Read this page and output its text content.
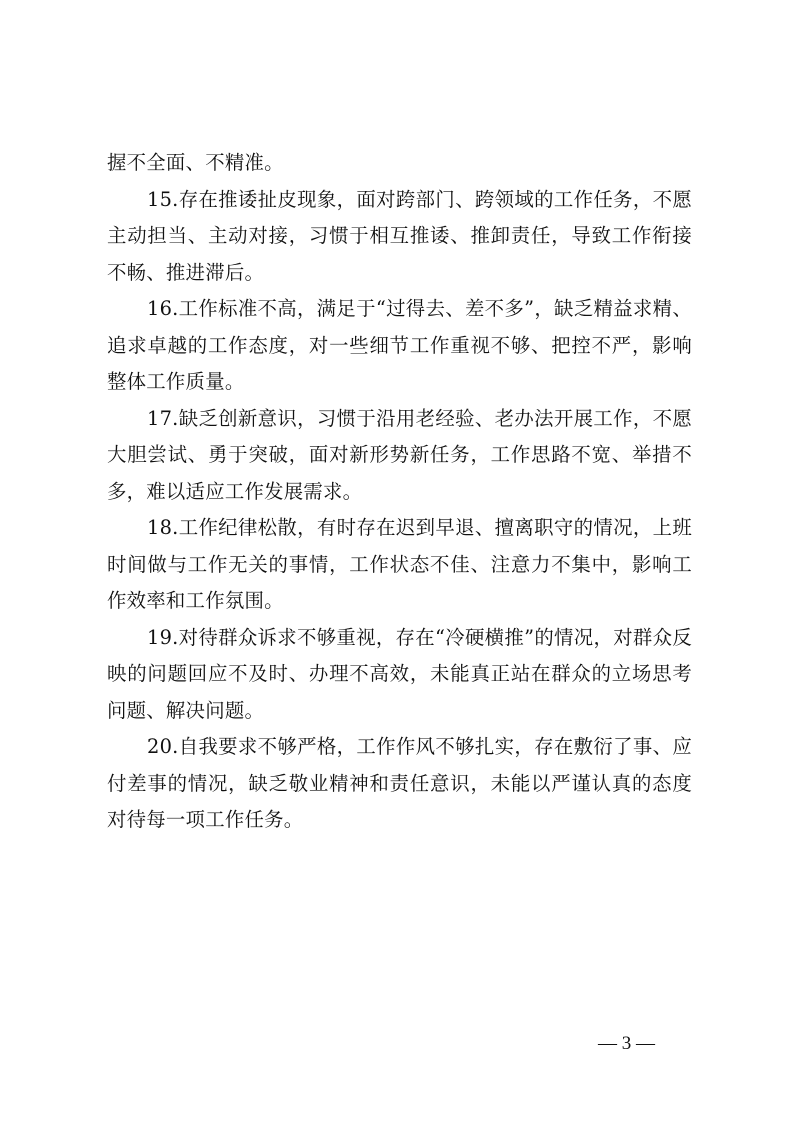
握不全面、不精准。

15.存在推诿扯皮现象，面对跨部门、跨领域的工作任务，不愿主动担当、主动对接，习惯于相互推诿、推卸责任，导致工作衔接不畅、推进滞后。

16.工作标准不高，满足于“过得去、差不多”，缺乏精益求精、追求卓越的工作态度，对一些细节工作重视不够、把控不严，影响整体工作质量。

17.缺乏创新意识，习惯于沿用老经验、老办法开展工作，不愿大胆尝试、勇于突破，面对新形势新任务，工作思路不宽、举措不多，难以适应工作发展需求。

18.工作纪律松散，有时存在迟到早退、擅离职守的情况，上班时间做与工作无关的事情，工作状态不佳、注意力不集中，影响工作效率和工作氛围。

19.对待群众诉求不够重视，存在“冷硬横推”的情况，对群众反映的问题回应不及时、办理不高效，未能真正站在群众的立场思考问题、解决问题。

20.自我要求不够严格，工作作风不够扎实，存在敷衍了事、应付差事的情况，缺乏敬业精神和责任意识，未能以严谨认真的态度对待每一项工作任务。

— 3 —
